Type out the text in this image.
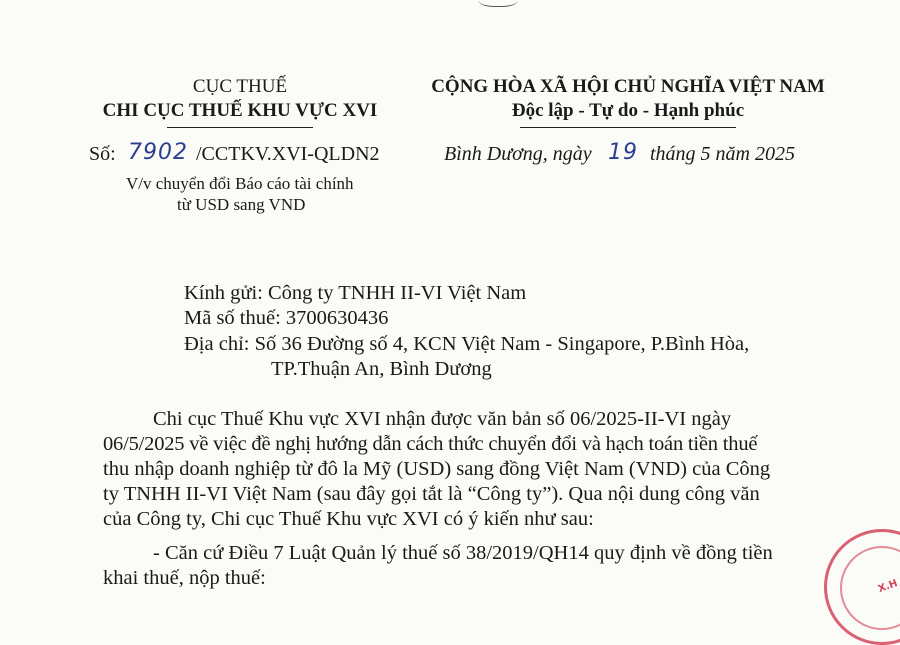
CỤC THUẾ
CHI CỤC THUẾ KHU VỰC XVI
Số: 7902 /CCTKV.XVI-QLDN2
V/v chuyển đổi Báo cáo tài chính
từ USD sang VND
CỘNG HÒA XÃ HỘI CHỦ NGHĨA VIỆT NAM
Độc lập - Tự do - Hạnh phúc
Bình Dương, ngày 19 tháng 5 năm 2025
Kính gửi: Công ty TNHH II-VI Việt Nam
Mã số thuế: 3700630436
Địa chỉ: Số 36 Đường số 4, KCN Việt Nam - Singapore, P.Bình Hòa,
TP.Thuận An, Bình Dương
Chi cục Thuế Khu vực XVI nhận được văn bản số 06/2025-II-VI ngày
06/5/2025 về việc đề nghị hướng dẫn cách thức chuyển đổi và hạch toán tiền thuế
thu nhập doanh nghiệp từ đô la Mỹ (USD) sang đồng Việt Nam (VND) của Công
ty TNHH II-VI Việt Nam (sau đây gọi tắt là “Công ty”). Qua nội dung công văn
của Công ty, Chi cục Thuế Khu vực XVI có ý kiến như sau:
- Căn cứ Điều 7 Luật Quản lý thuế số 38/2019/QH14 quy định về đồng tiền
khai thuế, nộp thuế:	X.H
